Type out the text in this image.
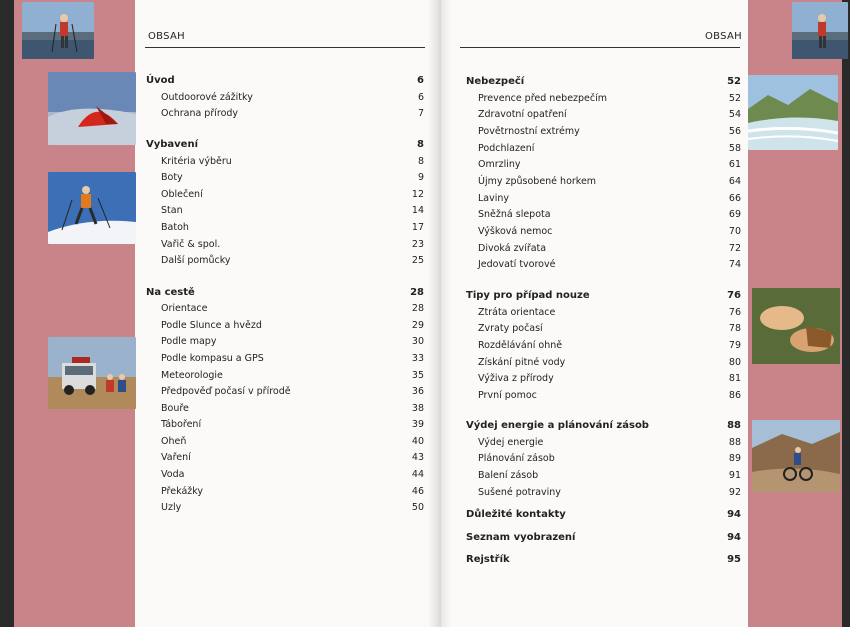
OBSAH	OBSAH
Úvod	6
Outdoorové zážitky	6
Ochrana přírody	7
Vybavení	8
Kritéria výběru	8
Boty	9
Oblečení	12
Stan	14
Batoh	17
Vařič & spol.	23
Další pomůcky	25
Na cestě	28
Orientace	28
Podle Slunce a hvězd	29
Podle mapy	30
Podle kompasu a GPS	33
Meteorologie	35
Předpověď počasí v přírodě	36
Bouře	38
Táboření	39
Oheň	40
Vaření	43
Voda	44
Překážky	46
Uzly	50
Nebezpečí	52
Prevence před nebezpečím	52
Zdravotní opatření	54
Povětrnostní extrémy	56
Podchlazení	58
Omrzliny	61
Újmy způsobené horkem	64
Laviny	66
Sněžná slepota	69
Výšková nemoc	70
Divoká zvířata	72
Jedovatí tvorové	74
Tipy pro případ nouze	76
Ztráta orientace	76
Zvraty počasí	78
Rozdělávání ohně	79
Získání pitné vody	80
Výživa z přírody	81
První pomoc	86
Výdej energie a plánování zásob	88
Výdej energie	88
Plánování zásob	89
Balení zásob	91
Sušené potraviny	92
Důležité kontakty	94
Seznam vyobrazení	94
Rejstřík	95
